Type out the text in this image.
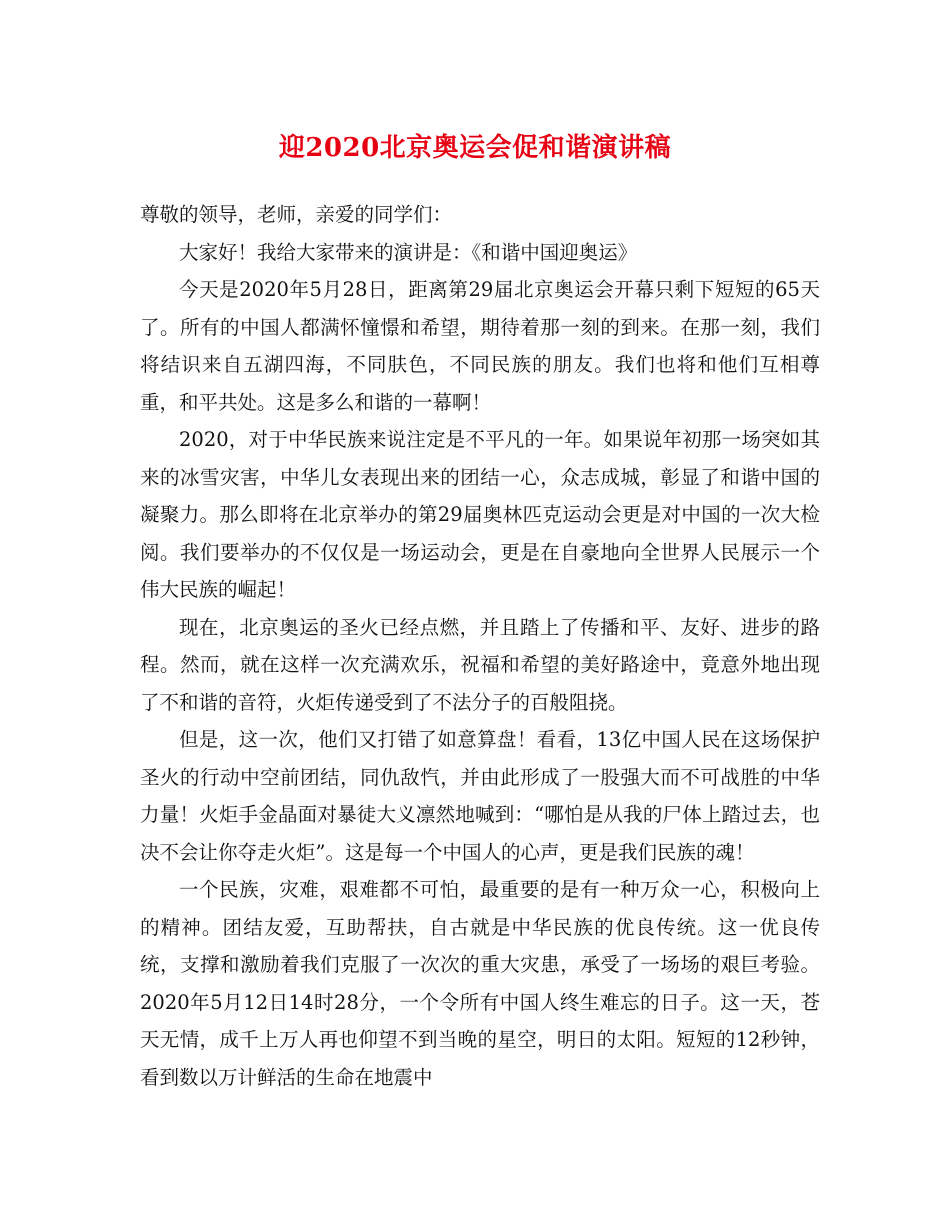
迎2020北京奥运会促和谐演讲稿

尊敬的领导，老师，亲爱的同学们：

大家好！我给大家带来的演讲是：《和谐中国迎奥运》

今天是2020年5月28日，距离第29届北京奥运会开幕只剩下短短的65天了。所有的中国人都满怀憧憬和希望，期待着那一刻的到来。在那一刻，我们将结识来自五湖四海，不同肤色，不同民族的朋友。我们也将和他们互相尊重，和平共处。这是多么和谐的一幕啊！

2020，对于中华民族来说注定是不平凡的一年。如果说年初那一场突如其来的冰雪灾害，中华儿女表现出来的团结一心，众志成城，彰显了和谐中国的凝聚力。那么即将在北京举办的第29届奥林匹克运动会更是对中国的一次大检阅。我们要举办的不仅仅是一场运动会，更是在自豪地向全世界人民展示一个伟大民族的崛起！

现在，北京奥运的圣火已经点燃，并且踏上了传播和平、友好、进步的路程。然而，就在这样一次充满欢乐，祝福和希望的美好路途中，竟意外地出现了不和谐的音符，火炬传递受到了不法分子的百般阻挠。

但是，这一次，他们又打错了如意算盘！看看，13亿中国人民在这场保护圣火的行动中空前团结，同仇敌忾，并由此形成了一股强大而不可战胜的中华力量！火炬手金晶面对暴徒大义凛然地喊到：“哪怕是从我的尸体上踏过去，也决不会让你夺走火炬”。这是每一个中国人的心声，更是我们民族的魂！

一个民族，灾难，艰难都不可怕，最重要的是有一种万众一心，积极向上的精神。团结友爱，互助帮扶，自古就是中华民族的优良传统。这一优良传统，支撑和激励着我们克服了一次次的重大灾患，承受了一场场的艰巨考验。2020年5月12日14时28分，一个令所有中国人终生难忘的日子。这一天，苍天无情，成千上万人再也仰望不到当晚的星空，明日的太阳。短短的12秒钟，看到数以万计鲜活的生命在地震中
